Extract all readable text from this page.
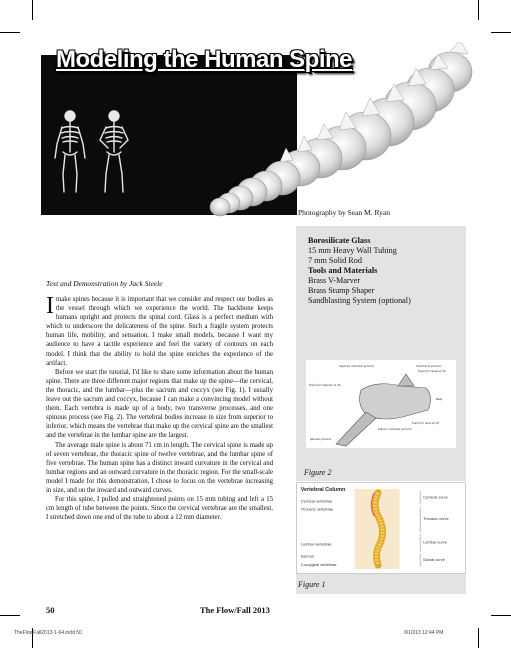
Modeling the Human Spine
Photography by Sean M. Ryan
Borosilicate Glass
15 mm Heavy Wall Tubing
7 mm Solid Rod
Tools and Materials
Brass V-Marver
Brass Stump Shaper
Sandblasting System (optional)
Superior articular process	Transverse process
Facet for head of rib
Facet for tubercle of rib
Body
Inferior articular process
Facet for neck of rib
Spinous process
Figure 2
Vertebral Column
Cervical vertebrae
Thoracic vertebrae
Lumbar vertebrae
Sacrum
Coccygeal vertebrae
Cervical curve
Thoracic curve
Lumbar curve
Sacral curve
Figure 1
Text and Demonstration by Jack Steele

Imake spines because it is important that we consider and respect our bodies as the vessel through which we experience the world. The backbone keeps humans upright and protects the spinal cord. Glass is a perfect medium with which to underscore the delicateness of the spine. Such a fragile system protects human life, mobility, and sensation. I make small models, because I want my audience to have a tactile experience and feel the variety of contours on each model. I think that the ability to hold the spine enriches the experience of the artifact.

Before we start the tutorial, I'd like to share some information about the human spine. There are three different major regions that make up the spine—the cervical, the thoracic, and the lumbar—plus the sacrum and coccyx (see Fig. 1). I usually leave out the sacrum and coccyx, because I can make a convincing model without them. Each vertebra is made up of a body, two transverse processes, and one spinous process (see Fig. 2). The vertebral bodies increase in size from superior to inferior, which means the vertebrae that make up the cervical spine are the smallest and the vertebrae in the lumbar spine are the largest.

The average male spine is about 71 cm in length. The cervical spine is made up of seven vertebrae, the thoracic spine of twelve vertebrae, and the lumbar spine of five vertebrae. The human spine has a distinct inward curvature in the cervical and lumbar regions and an outward curvature in the thoracic region. For the small-scale model I made for this demonstration, I chose to focus on the vertebrae increasing in size, and on the inward and outward curves.

For this spine, I pulled and straightened points on 15 mm tubing and left a 15 cm length of tube between the points. Since the cervical vertebrae are the smallest, I stretched down one end of the tube to about a 12 mm diameter.

50	The Flow/Fall 2013
TheFlowFall2013-1-64.indd 50	9/10/13 12:44 PM
